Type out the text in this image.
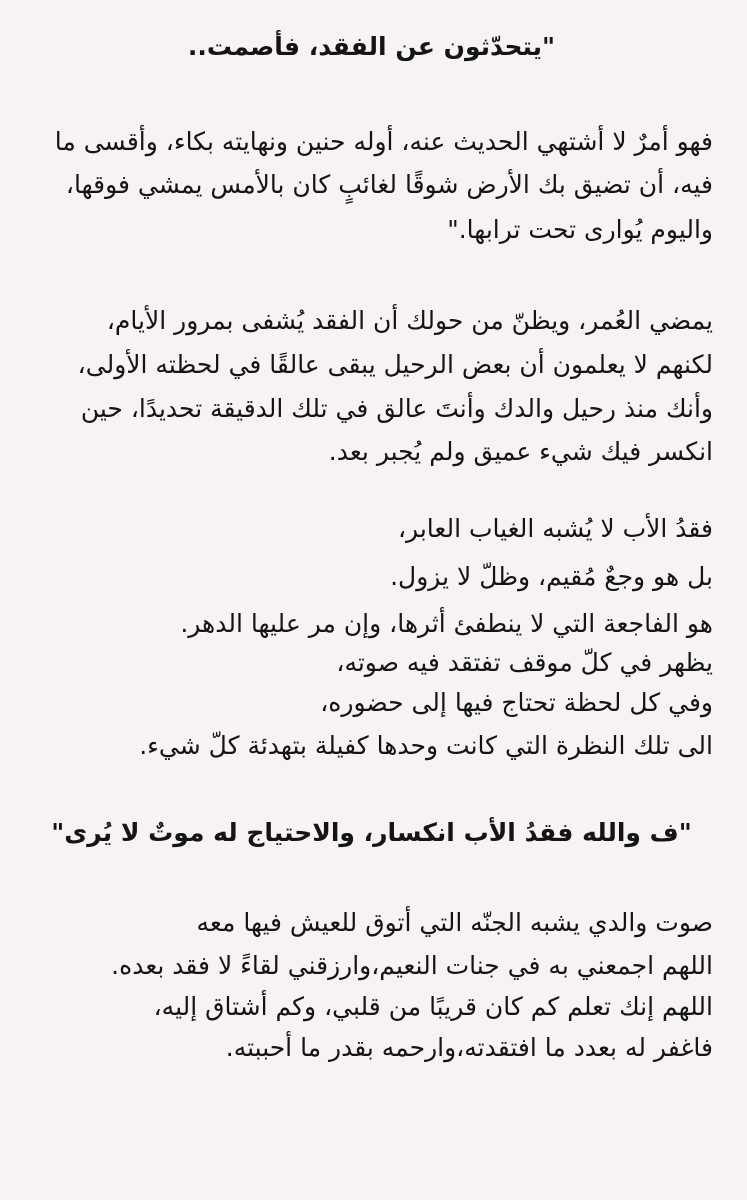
"يتحدّثون عن الفقد، فأصمت..

فهو أمرٌ لا أشتهي الحديث عنه، أوله حنين ونهايته بكاء، وأقسى ما

فيه، أن تضيق بك الأرض شوقًا لغائبٍ كان بالأمس يمشي فوقها،

واليوم يُوارى تحت ترابها."

يمضي العُمر، ويظنّ من حولك أن الفقد يُشفى بمرور الأيام،

لكنهم لا يعلمون أن بعض الرحيل يبقى عالقًا في لحظته الأولى،

وأنك منذ رحيل والدك وأنتَ عالق في تلك الدقيقة تحديدًا، حين

انكسر فيك شيء عميق ولم يُجبر بعد.

فقدُ الأب لا يُشبه الغياب العابر،

بل هو وجعٌ مُقيم، وظلّ لا يزول.

هو الفاجعة التي لا ينطفئ أثرها، وإن مر عليها الدهر.

يظهر في كلّ موقف تفتقد فيه صوته،

وفي كل لحظة تحتاج فيها إلى حضوره،

الى تلك النظرة التي كانت وحدها كفيلة بتهدئة كلّ شيء.

"ف والله فقدُ الأب انكسار، والاحتياج له موتٌ لا يُرى"

صوت والدي يشبه الجنّه التي أتوق للعيش فيها معه

اللهم اجمعني به في جنات النعيم،وارزقني لقاءً لا فقد بعده.

اللهم إنك تعلم كم كان قريبًا من قلبي، وكم أشتاق إليه،

فاغفر له بعدد ما افتقدته،وارحمه بقدر ما أحببته.
